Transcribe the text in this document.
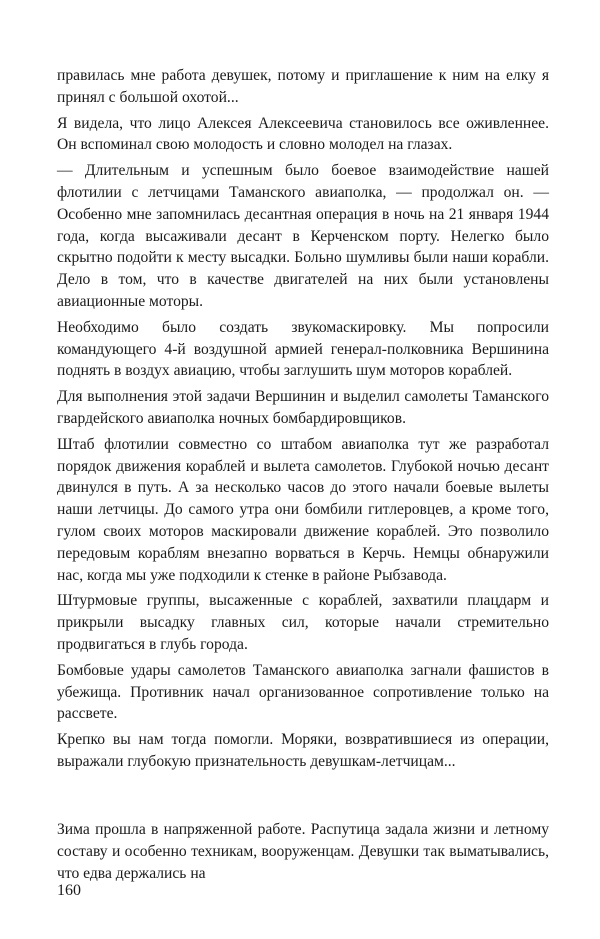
правилась мне работа девушек, потому и приглашение к ним на елку я принял с большой охотой...

Я видела, что лицо Алексея Алексеевича становилось все оживленнее. Он вспоминал свою молодость и словно молодел на глазах.

— Длительным и успешным было боевое взаимодействие нашей флотилии с летчицами Таманского авиаполка, — продолжал он. — Особенно мне запомнилась десантная операция в ночь на 21 января 1944 года, когда высаживали десант в Керченском порту. Нелегко было скрытно подойти к месту высадки. Больно шумливы были наши корабли. Дело в том, что в качестве двигателей на них были установлены авиационные моторы.

Необходимо было создать звукомаскировку. Мы попросили командующего 4-й воздушной армией генерал-полковника Вершинина поднять в воздух авиацию, чтобы заглушить шум моторов кораблей.

Для выполнения этой задачи Вершинин и выделил самолеты Таманского гвардейского авиаполка ночных бомбардировщиков.

Штаб флотилии совместно со штабом авиаполка тут же разработал порядок движения кораблей и вылета самолетов. Глубокой ночью десант двинулся в путь. А за несколько часов до этого начали боевые вылеты наши летчицы. До самого утра они бомбили гитлеровцев, а кроме того, гулом своих моторов маскировали движение кораблей. Это позволило передовым кораблям внезапно ворваться в Керчь. Немцы обнаружили нас, когда мы уже подходили к стенке в районе Рыбзавода.

Штурмовые группы, высаженные с кораблей, захватили плацдарм и прикрыли высадку главных сил, которые начали стремительно продвигаться в глубь города.

Бомбовые удары самолетов Таманского авиаполка загнали фашистов в убежища. Противник начал организованное сопротивление только на рассвете.

Крепко вы нам тогда помогли. Моряки, возвратившиеся из операции, выражали глубокую признательность девушкам-летчицам...

Зима прошла в напряженной работе. Распутица задала жизни и летному составу и особенно техникам, вооруженцам. Девушки так выматывались, что едва держались на

160
